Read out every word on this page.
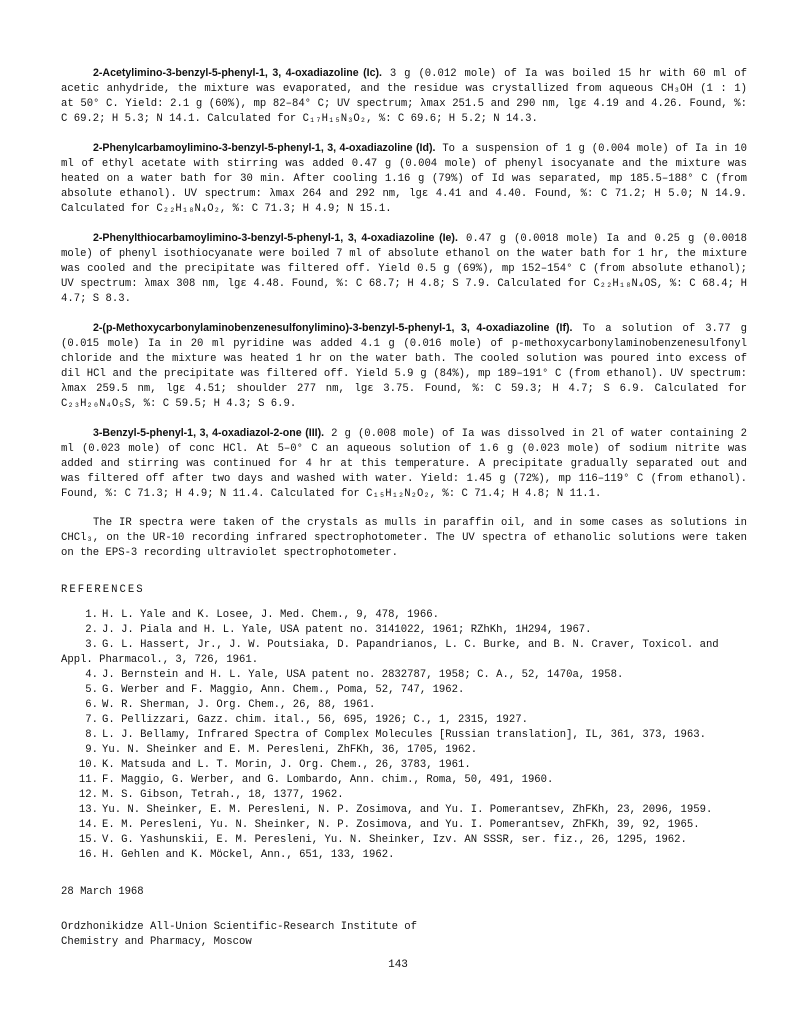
2-Acetylimino-3-benzyl-5-phenyl-1, 3, 4-oxadiazoline (Ic). 3 g (0.012 mole) of Ia was boiled 15 hr with 60 ml of acetic anhydride, the mixture was evaporated, and the residue was crystallized from aqueous CH₃OH (1 : 1) at 50° C. Yield: 2.1 g (60%), mp 82–84° C; UV spectrum; λmax 251.5 and 290 nm, lgε 4.19 and 4.26. Found, %: C 69.2; H 5.3; N 14.1. Calculated for C₁₇H₁₅N₃O₂, %: C 69.6; H 5.2; N 14.3.

2-Phenylcarbamoylimino-3-benzyl-5-phenyl-1, 3, 4-oxadiazoline (Id). To a suspension of 1 g (0.004 mole) of Ia in 10 ml of ethyl acetate with stirring was added 0.47 g (0.004 mole) of phenyl isocyanate and the mixture was heated on a water bath for 30 min. After cooling 1.16 g (79%) of Id was separated, mp 185.5–188° C (from absolute ethanol). UV spectrum: λmax 264 and 292 nm, lgε 4.41 and 4.40. Found, %: C 71.2; H 5.0; N 14.9. Calculated for C₂₂H₁₈N₄O₂, %: C 71.3; H 4.9; N 15.1.

2-Phenylthiocarbamoylimino-3-benzyl-5-phenyl-1, 3, 4-oxadiazoline (Ie). 0.47 g (0.0018 mole) Ia and 0.25 g (0.0018 mole) of phenyl isothiocyanate were boiled 7 ml of absolute ethanol on the water bath for 1 hr, the mixture was cooled and the precipitate was filtered off. Yield 0.5 g (69%), mp 152–154° C (from absolute ethanol); UV spectrum: λmax 308 nm, lgε 4.48. Found, %: C 68.7; H 4.8; S 7.9. Calculated for C₂₂H₁₈N₄OS, %: C 68.4; H 4.7; S 8.3.

2-(p-Methoxycarbonylaminobenzenesulfonylimino)-3-benzyl-5-phenyl-1, 3, 4-oxadiazoline (If). To a solution of 3.77 g (0.015 mole) Ia in 20 ml pyridine was added 4.1 g (0.016 mole) of p-methoxycarbonylaminobenzenesulfonyl chloride and the mixture was heated 1 hr on the water bath. The cooled solution was poured into excess of dil HCl and the precipitate was filtered off. Yield 5.9 g (84%), mp 189–191° C (from ethanol). UV spectrum: λmax 259.5 nm, lgε 4.51; shoulder 277 nm, lgε 3.75. Found, %: C 59.3; H 4.7; S 6.9. Calculated for C₂₃H₂₀N₄O₅S, %: C 59.5; H 4.3; S 6.9.

3-Benzyl-5-phenyl-1, 3, 4-oxadiazol-2-one (III). 2 g (0.008 mole) of Ia was dissolved in 2l of water containing 2 ml (0.023 mole) of conc HCl. At 5–0° C an aqueous solution of 1.6 g (0.023 mole) of sodium nitrite was added and stirring was continued for 4 hr at this temperature. A precipitate gradually separated out and was filtered off after two days and washed with water. Yield: 1.45 g (72%), mp 116–119° C (from ethanol). Found, %: C 71.3; H 4.9; N 11.4. Calculated for C₁₅H₁₂N₂O₂, %: C 71.4; H 4.8; N 11.1.

The IR spectra were taken of the crystals as mulls in paraffin oil, and in some cases as solutions in CHCl₃, on the UR-10 recording infrared spectrophotometer. The UV spectra of ethanolic solutions were taken on the EPS-3 recording ultraviolet spectrophotometer.

REFERENCES
1. H. L. Yale and K. Losee, J. Med. Chem., 9, 478, 1966.
2. J. J. Piala and H. L. Yale, USA patent no. 3141022, 1961; RZhKh, 1H294, 1967.
3. G. L. Hassert, Jr., J. W. Poutsiaka, D. Papandrianos, L. C. Burke, and B. N. Craver, Toxicol. and Appl. Pharmacol., 3, 726, 1961.
4. J. Bernstein and H. L. Yale, USA patent no. 2832787, 1958; C. A., 52, 1470a, 1958.
5. G. Werber and F. Maggio, Ann. Chem., Poma, 52, 747, 1962.
6. W. R. Sherman, J. Org. Chem., 26, 88, 1961.
7. G. Pellizzari, Gazz. chim. ital., 56, 695, 1926; C., 1, 2315, 1927.
8. L. J. Bellamy, Infrared Spectra of Complex Molecules [Russian translation], IL, 361, 373, 1963.
9. Yu. N. Sheinker and E. M. Peresleni, ZhFKh, 36, 1705, 1962.
10. K. Matsuda and L. T. Morin, J. Org. Chem., 26, 3783, 1961.
11. F. Maggio, G. Werber, and G. Lombardo, Ann. chim., Roma, 50, 491, 1960.
12. M. S. Gibson, Tetrah., 18, 1377, 1962.
13. Yu. N. Sheinker, E. M. Peresleni, N. P. Zosimova, and Yu. I. Pomerantsev, ZhFKh, 23, 2096, 1959.
14. E. M. Peresleni, Yu. N. Sheinker, N. P. Zosimova, and Yu. I. Pomerantsev, ZhFKh, 39, 92, 1965.
15. V. G. Yashunskii, E. M. Peresleni, Yu. N. Sheinker, Izv. AN SSSR, ser. fiz., 26, 1295, 1962.
16. H. Gehlen and K. Möckel, Ann., 651, 133, 1962.
28 March 1968
Ordzhonikidze All-Union Scientific-Research Institute of
Chemistry and Pharmacy, Moscow
143
